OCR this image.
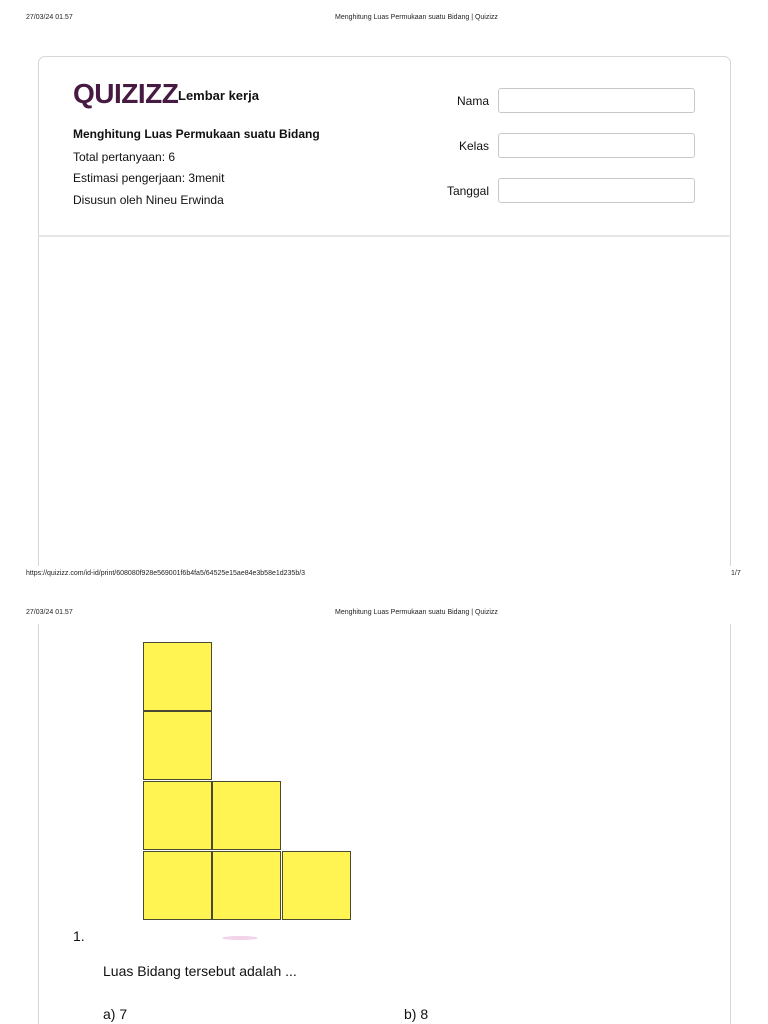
27/03/24 01.57	Menghitung Luas Permukaan suatu Bidang | Quizizz
QUIZIZZ Lembar kerja
Menghitung Luas Permukaan suatu Bidang
Total pertanyaan: 6
Estimasi pengerjaan: 3menit
Disusun oleh Nineu Erwinda
Nama
Kelas
Tanggal
https://quizizz.com/id-id/print/608080f928e569001f6b4fa5/64525e15ae84e3b58e1d235b/3	1/7
27/03/24 01.57	Menghitung Luas Permukaan suatu Bidang | Quizizz
1.
Luas Bidang tersebut adalah ...
a) 7	b) 8
